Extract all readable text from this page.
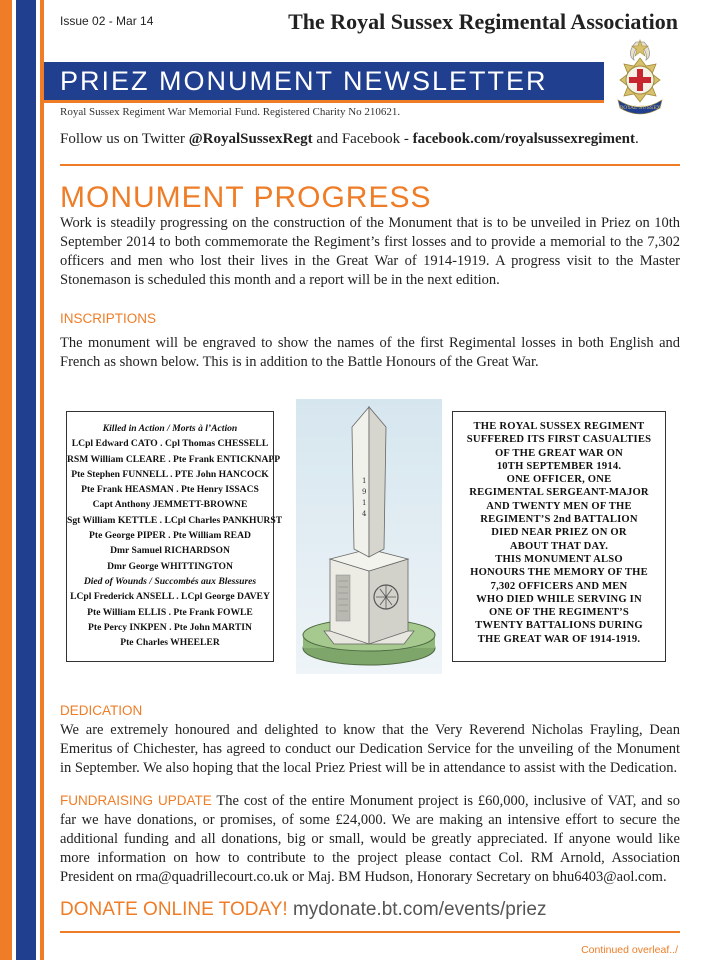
Issue 02 - Mar 14	The Royal Sussex Regimental Association
PRIEZ MONUMENT NEWSLETTER
ROYAL SUSSEX
Royal Sussex Regiment War Memorial Fund. Registered Charity No 210621.
Follow us on Twitter @RoyalSussexRegt and Facebook - facebook.com/royalsussexregiment.
MONUMENT PROGRESS
Work is steadily progressing on the construction of the Monument that is to be unveiled in Priez on 10th September 2014 to both commemorate the Regiment’s first losses and to provide a memorial to the 7,302 officers and men who lost their lives in the Great War of 1914-1919. A progress visit to the Master Stonemason is scheduled this month and a report will be in the next edition.
INSCRIPTIONS
The monument will be engraved to show the names of the first Regimental losses in both English and French as shown below. This is in addition to the Battle Honours of the Great War.
Killed in Action / Morts à l’Action
LCpl Edward CATO . Cpl Thomas CHESSELL
RSM William CLEARE . Pte Frank ENTICKNAPP
Pte Stephen FUNNELL . PTE John HANCOCK
Pte Frank HEASMAN . Pte Henry ISSACS
Capt Anthony JEMMETT-BROWNE
Sgt William KETTLE . LCpl Charles PANKHURST
Pte George PIPER . Pte William READ
Dmr Samuel RICHARDSON
Dmr George WHITTINGTON
Died of Wounds / Succombés aux Blessures
LCpl Frederick ANSELL . LCpl George DAVEY
Pte William ELLIS . Pte Frank FOWLE
Pte Percy INKPEN . Pte John MARTIN
Pte Charles WHEELER
1
9
1
4
THE ROYAL SUSSEX REGIMENT
SUFFERED ITS FIRST CASUALTIES
OF THE GREAT WAR ON
10TH SEPTEMBER 1914.
ONE OFFICER, ONE
REGIMENTAL SERGEANT-MAJOR
AND TWENTY MEN OF THE
REGIMENT’S 2nd BATTALION
DIED NEAR PRIEZ ON OR
ABOUT THAT DAY.
THIS MONUMENT ALSO
HONOURS THE MEMORY OF THE
7,302 OFFICERS AND MEN
WHO DIED WHILE SERVING IN
ONE OF THE REGIMENT’S
TWENTY BATTALIONS DURING
THE GREAT WAR OF 1914-1919.
DEDICATION
We are extremely honoured and delighted to know that the Very Reverend Nicholas Frayling, Dean Emeritus of Chichester, has agreed to conduct our Dedication Service for the unveiling of the Monument in September. We also hoping that the local Priez Priest will be in attendance to assist with the Dedication.
FUNDRAISING UPDATE The cost of the entire Monument project is £60,000, inclusive of VAT, and so far we have donations, or promises, of some £24,000. We are making an intensive effort to secure the additional funding and all donations, big or small, would be greatly appreciated. If anyone would like more information on how to contribute to the project please contact Col. RM Arnold, Association President on rma@quadrillecourt.co.uk or Maj. BM Hudson, Honorary Secretary on bhu6403@aol.com.
DONATE ONLINE TODAY! mydonate.bt.com/events/priez
Continued overleaf../
